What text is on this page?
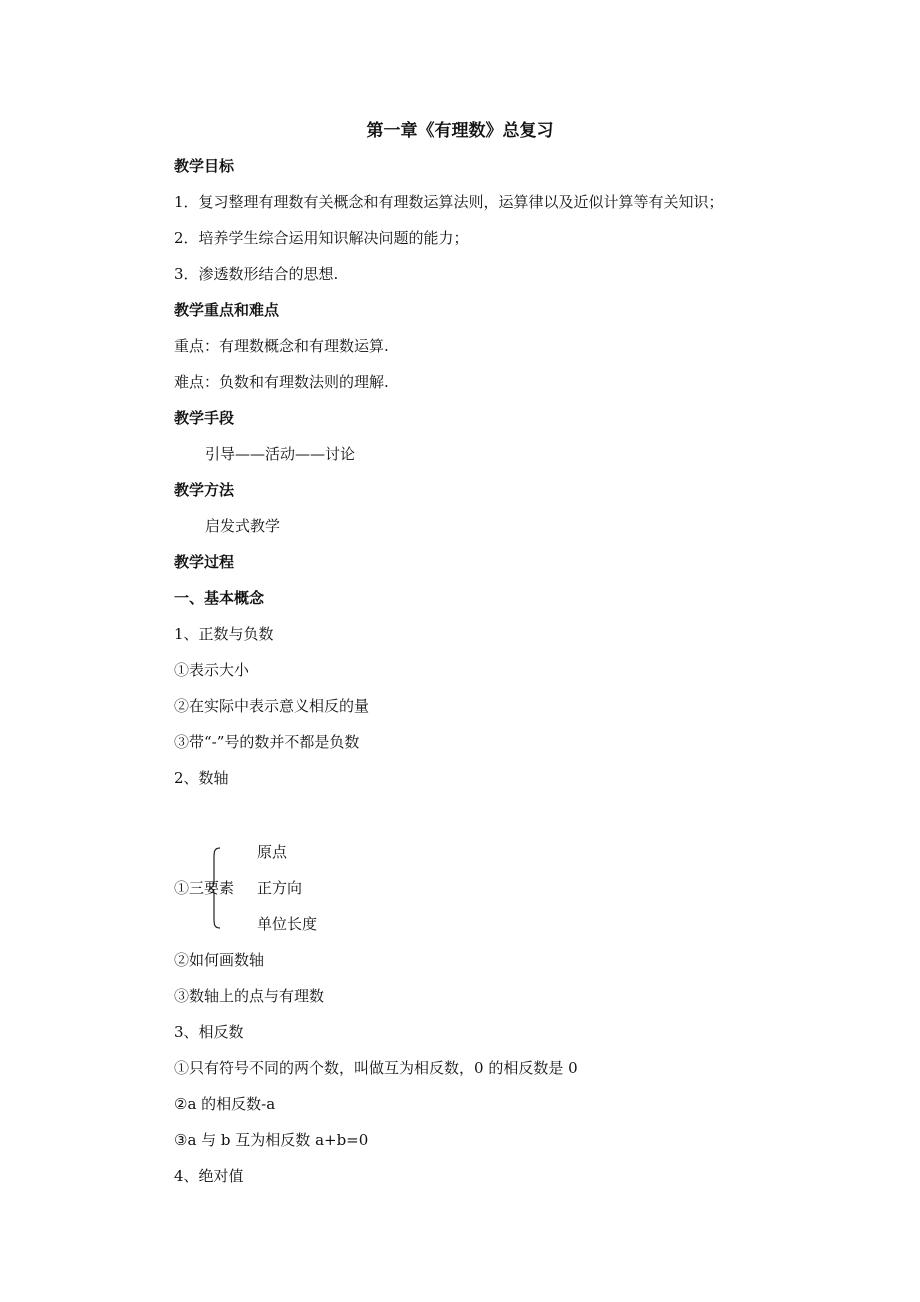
第一章《有理数》总复习
教学目标
1．复习整理有理数有关概念和有理数运算法则，运算律以及近似计算等有关知识；
2．培养学生综合运用知识解决问题的能力；
3．渗透数形结合的思想.
教学重点和难点
重点：有理数概念和有理数运算.
难点：负数和有理数法则的理解.
教学手段
引导——活动——讨论
教学方法
启发式教学
教学过程
一、基本概念
1、正数与负数
①表示大小
②在实际中表示意义相反的量
③带“-”号的数并不都是负数
2、数轴
①三要素
原点
正方向
单位长度
②如何画数轴
③数轴上的点与有理数
3、相反数
①只有符号不同的两个数，叫做互为相反数，0 的相反数是 0
②a 的相反数-a
③a 与 b 互为相反数 a+b=0
4、绝对值
